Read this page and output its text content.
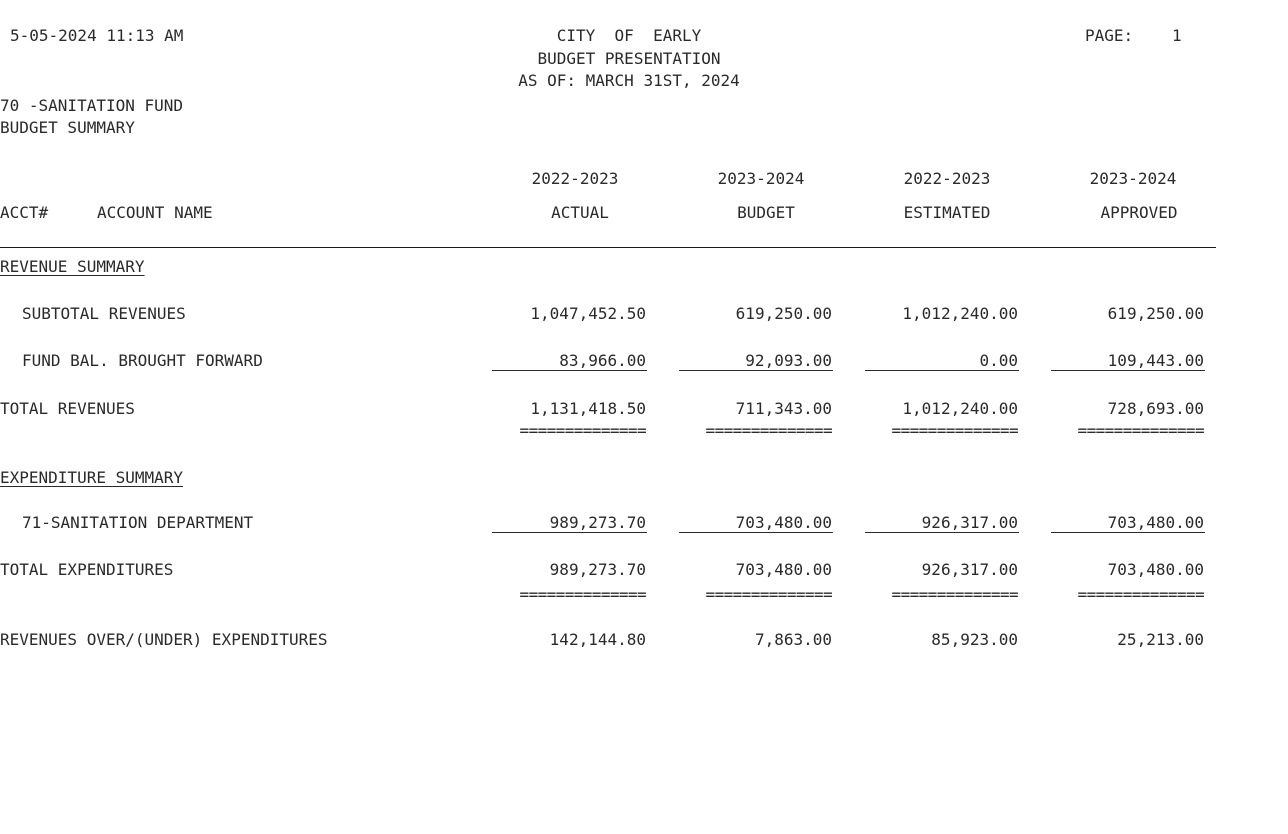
5-05-2024 11:13 AM	CITY  OF  EARLY
BUDGET PRESENTATION
AS OF: MARCH 31ST, 2024
PAGE: 1
70 -SANITATION FUND
BUDGET SUMMARY
2022-2023	2023-2024	2022-2023	2023-2024
ACCT#	ACCOUNT NAME	ACTUAL	BUDGET	ESTIMATED	APPROVED
REVENUE SUMMARY
SUBTOTAL REVENUES	1,047,452.50	619,250.00	1,012,240.00	619,250.00
FUND BAL. BROUGHT FORWARD	83,966.00	92,093.00	0.00	109,443.00
TOTAL REVENUES	1,131,418.50	711,343.00	1,012,240.00	728,693.00
==============	==============	==============	==============
EXPENDITURE SUMMARY
71-SANITATION DEPARTMENT	989,273.70	703,480.00	926,317.00	703,480.00
TOTAL EXPENDITURES	989,273.70	703,480.00	926,317.00	703,480.00
==============	==============	==============	==============
REVENUES OVER/(UNDER) EXPENDITURES	142,144.80	7,863.00	85,923.00	25,213.00
